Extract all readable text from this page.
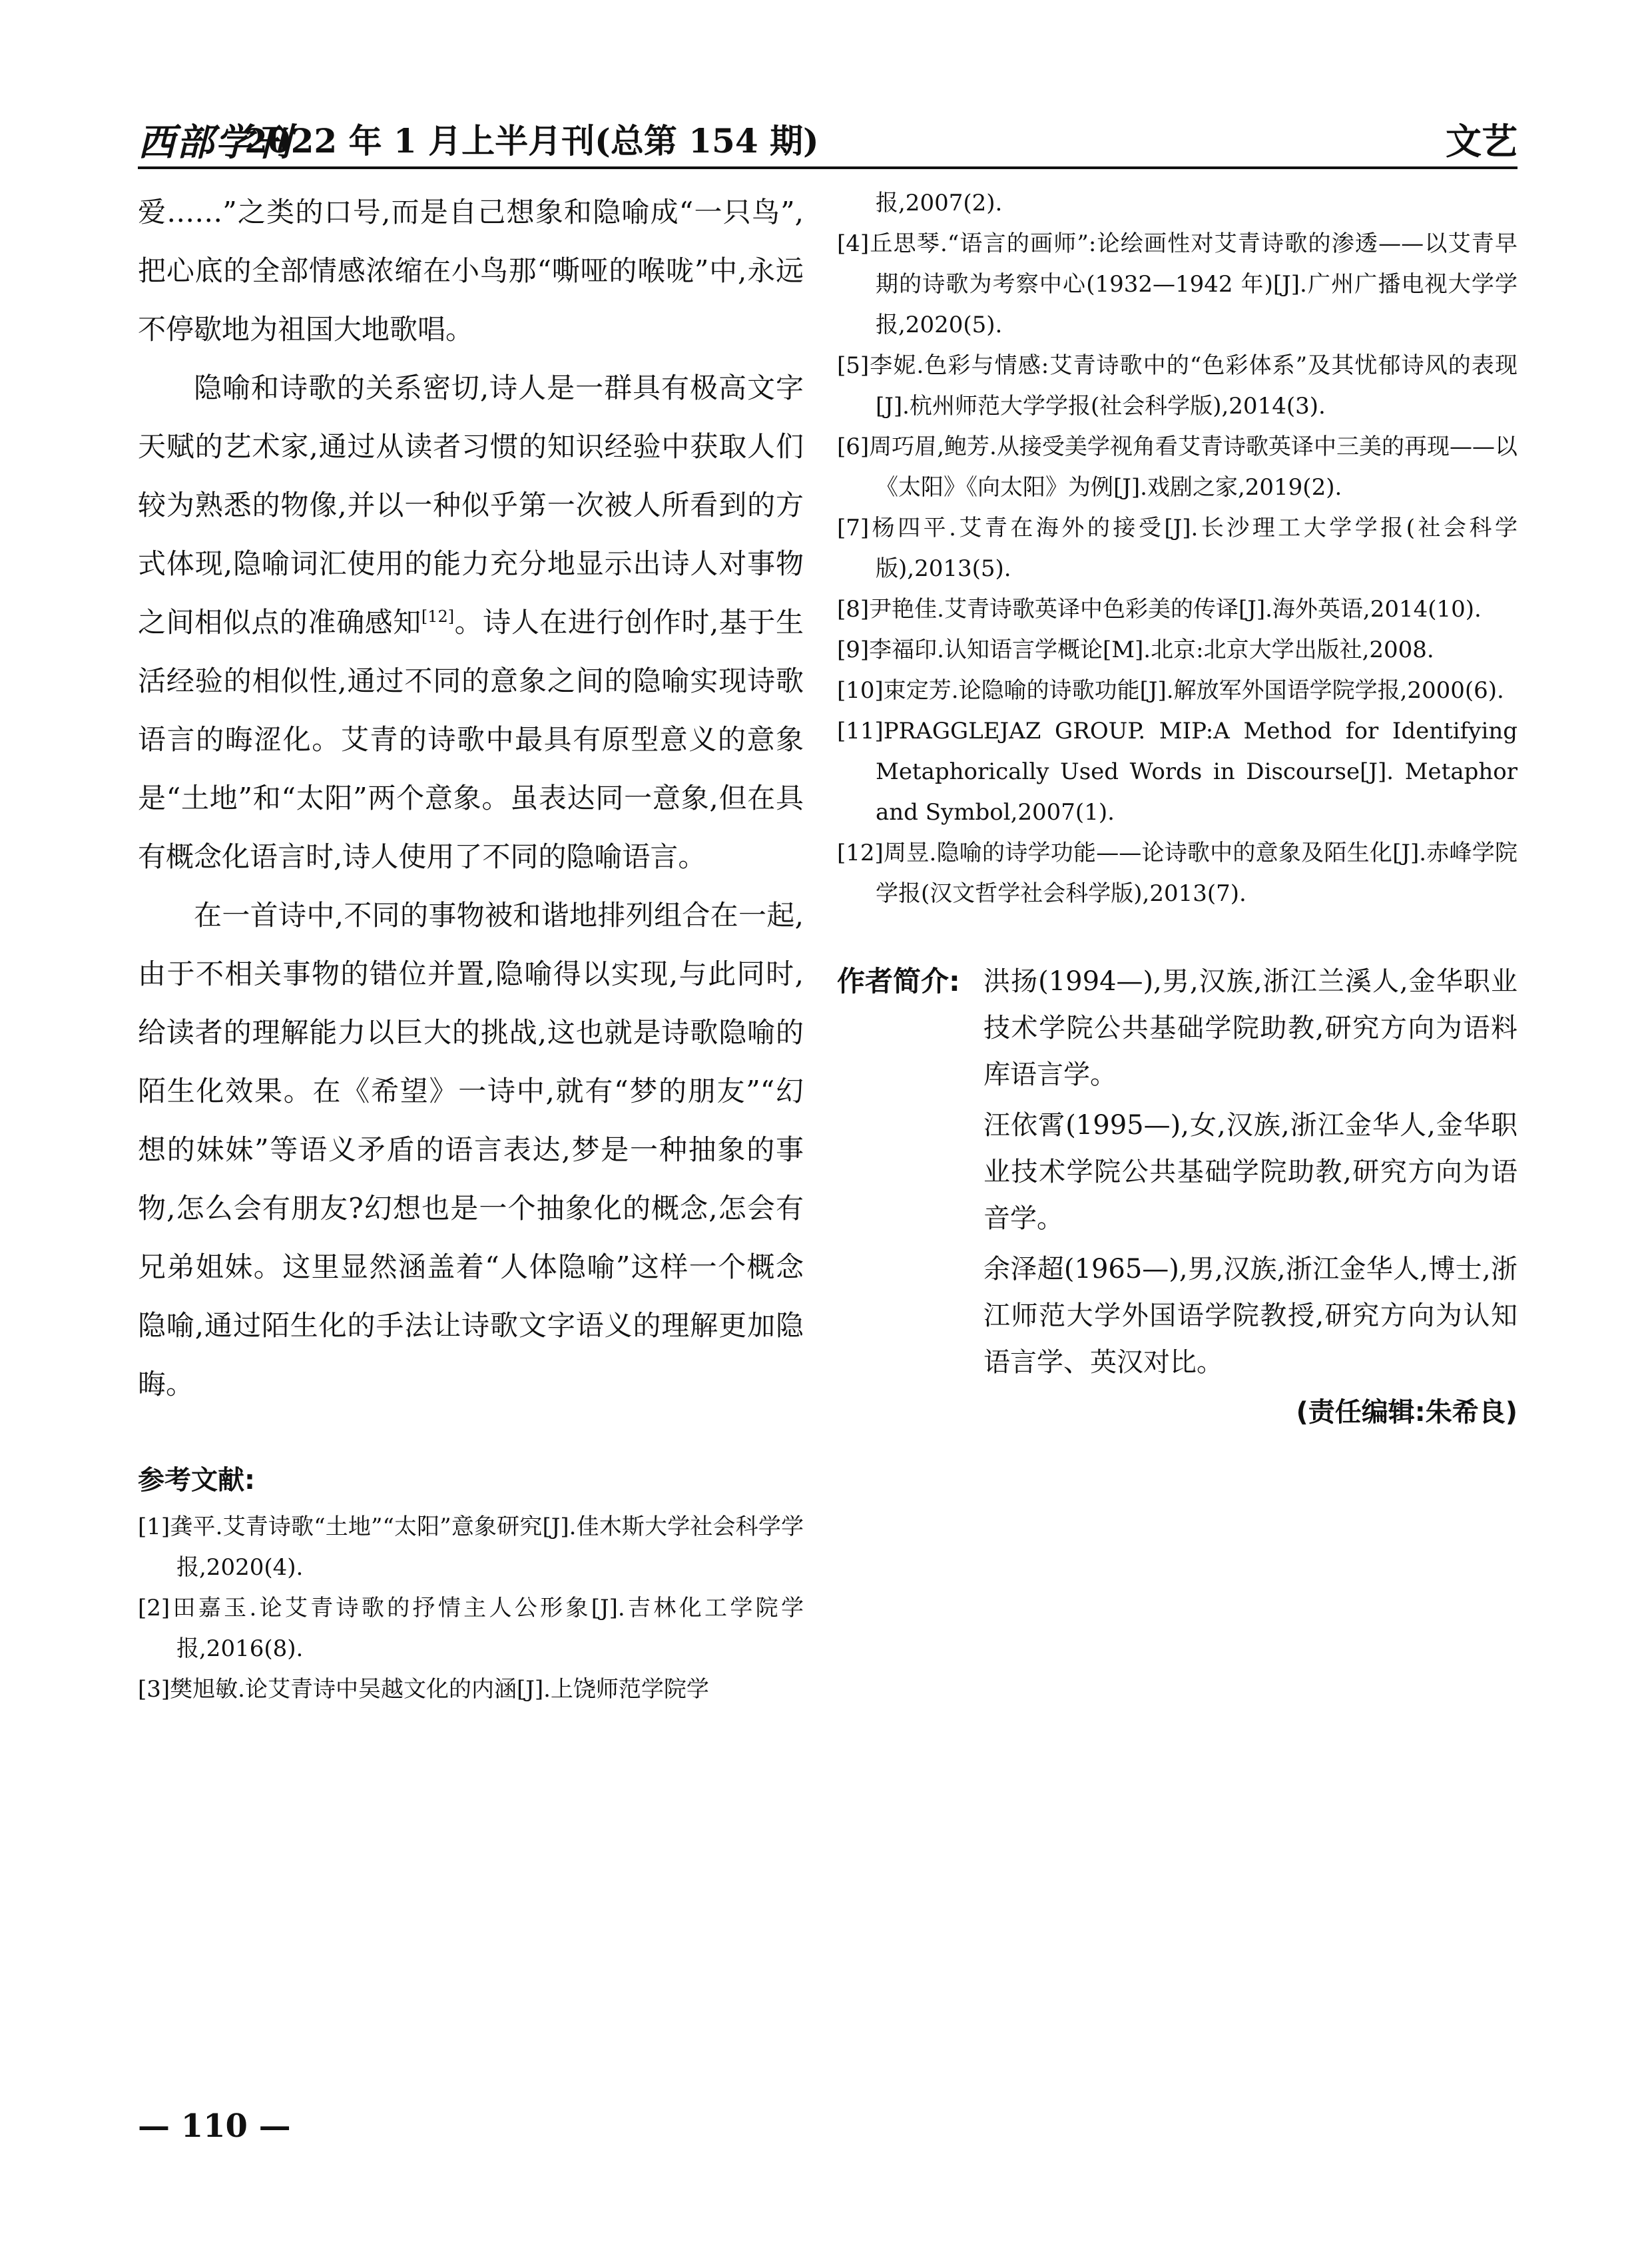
西部学刊
2022 年 1 月上半月刊(总第 154 期)	文艺

爱……”之类的口号,而是自己想象和隐喻成“一只鸟”,把心底的全部情感浓缩在小鸟那“嘶哑的喉咙”中,永远不停歇地为祖国大地歌唱。

隐喻和诗歌的关系密切,诗人是一群具有极高文字天赋的艺术家,通过从读者习惯的知识经验中获取人们较为熟悉的物像,并以一种似乎第一次被人所看到的方式体现,隐喻词汇使用的能力充分地显示出诗人对事物之间相似点的准确感知[12]。诗人在进行创作时,基于生活经验的相似性,通过不同的意象之间的隐喻实现诗歌语言的晦涩化。艾青的诗歌中最具有原型意义的意象是“土地”和“太阳”两个意象。虽表达同一意象,但在具有概念化语言时,诗人使用了不同的隐喻语言。

在一首诗中,不同的事物被和谐地排列组合在一起,由于不相关事物的错位并置,隐喻得以实现,与此同时,给读者的理解能力以巨大的挑战,这也就是诗歌隐喻的陌生化效果。在《希望》一诗中,就有“梦的朋友”“幻想的妹妹”等语义矛盾的语言表达,梦是一种抽象的事物,怎么会有朋友?幻想也是一个抽象化的概念,怎会有兄弟姐妹。这里显然涵盖着“人体隐喻”这样一个概念隐喻,通过陌生化的手法让诗歌文字语义的理解更加隐晦。

参考文献:

[1]龚平.艾青诗歌“土地”“太阳”意象研究[J].佳木斯大学社会科学学报,2020(4).

[2]田嘉玉.论艾青诗歌的抒情主人公形象[J].吉林化工学院学报,2016(8).

[3]樊旭敏.论艾青诗中吴越文化的内涵[J].上饶师范学院学

报,2007(2).

[4]丘思琴.“语言的画师”:论绘画性对艾青诗歌的渗透——以艾青早期的诗歌为考察中心(1932—1942 年)[J].广州广播电视大学学报,2020(5).

[5]李妮.色彩与情感:艾青诗歌中的“色彩体系”及其忧郁诗风的表现[J].杭州师范大学学报(社会科学版),2014(3).

[6]周巧眉,鲍芳.从接受美学视角看艾青诗歌英译中三美的再现——以《太阳》《向太阳》为例[J].戏剧之家,2019(2).

[7]杨四平.艾青在海外的接受[J].长沙理工大学学报(社会科学版),2013(5).

[8]尹艳佳.艾青诗歌英译中色彩美的传译[J].海外英语,2014(10).

[9]李福印.认知语言学概论[M].北京:北京大学出版社,2008.

[10]束定芳.论隐喻的诗歌功能[J].解放军外国语学院学报,2000(6).

[11]PRAGGLEJAZ GROUP. MIP:A Method for Identifying Metaphorically Used Words in Discourse[J]. Metaphor and Symbol,2007(1).

[12]周昱.隐喻的诗学功能——论诗歌中的意象及陌生化[J].赤峰学院学报(汉文哲学社会科学版),2013(7).

作者简介: 洪扬(1994—),男,汉族,浙江兰溪人,金华职业技术学院公共基础学院助教,研究方向为语料库语言学。

汪依霄(1995—),女,汉族,浙江金华人,金华职业技术学院公共基础学院助教,研究方向为语音学。

余泽超(1965—),男,汉族,浙江金华人,博士,浙江师范大学外国语学院教授,研究方向为认知语言学、英汉对比。

(责任编辑:朱希良)
— 110 —
